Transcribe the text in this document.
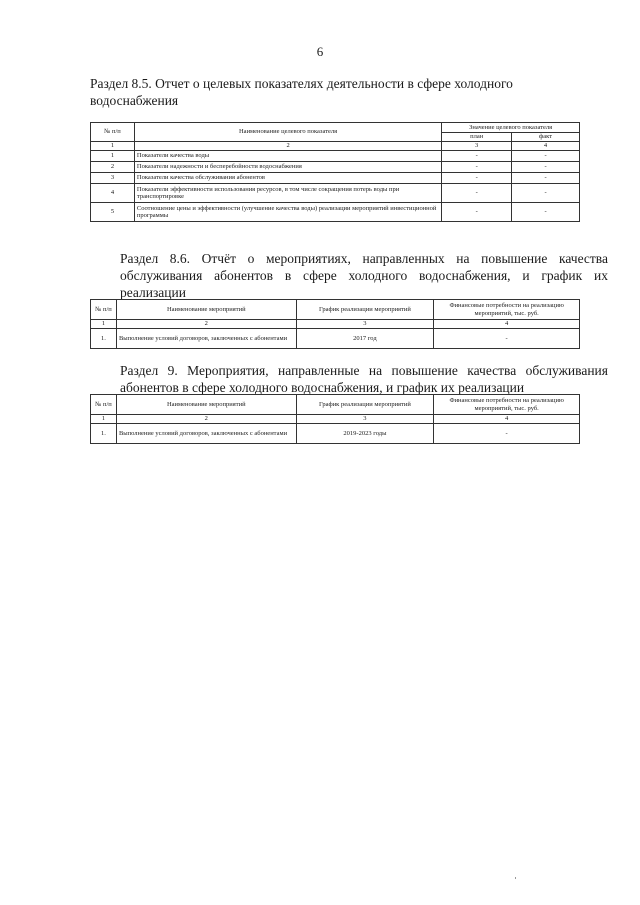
6
Раздел 8.5. Отчет о целевых показателях деятельности в сфере холодного водоснабжения
№ п/п	Наименование целевого показателя	Значение целевого показателя	
		план	факт
1	2	3	4
1	Показатели качества воды	-	-
2	Показатели надежности и бесперебойности водоснабжения	-	-
3	Показатели качества обслуживания абонентов	-	-
4	Показатели эффективности использования ресурсов, в том числе сокращения потерь воды при транспортировке	-	-
5	Соотношение цены и эффективности (улучшение качества воды) реализации мероприятий инвестиционной программы	-	-
Раздел 8.6. Отчёт о мероприятиях, направленных на повышение качества обслуживания абонентов в сфере холодного водоснабжения, и график их реализации
№ п/п	Наименование мероприятий	График реализации мероприятий	Финансовые потребности на реализацию мероприятий, тыс. руб.
1	2	3	4
1.	Выполнение условий договоров, заключенных с абонентами	2017 год	-
Раздел 9. Мероприятия, направленные на повышение качества обслуживания абонентов в сфере холодного водоснабжения, и график их реализации
№ п/п	Наименование мероприятий	График реализации мероприятий	Финансовые потребности на реализацию мероприятий, тыс. руб.
1	2	3	4
1.	Выполнение условий договоров, заключенных с абонентами	2019-2023 годы	-
